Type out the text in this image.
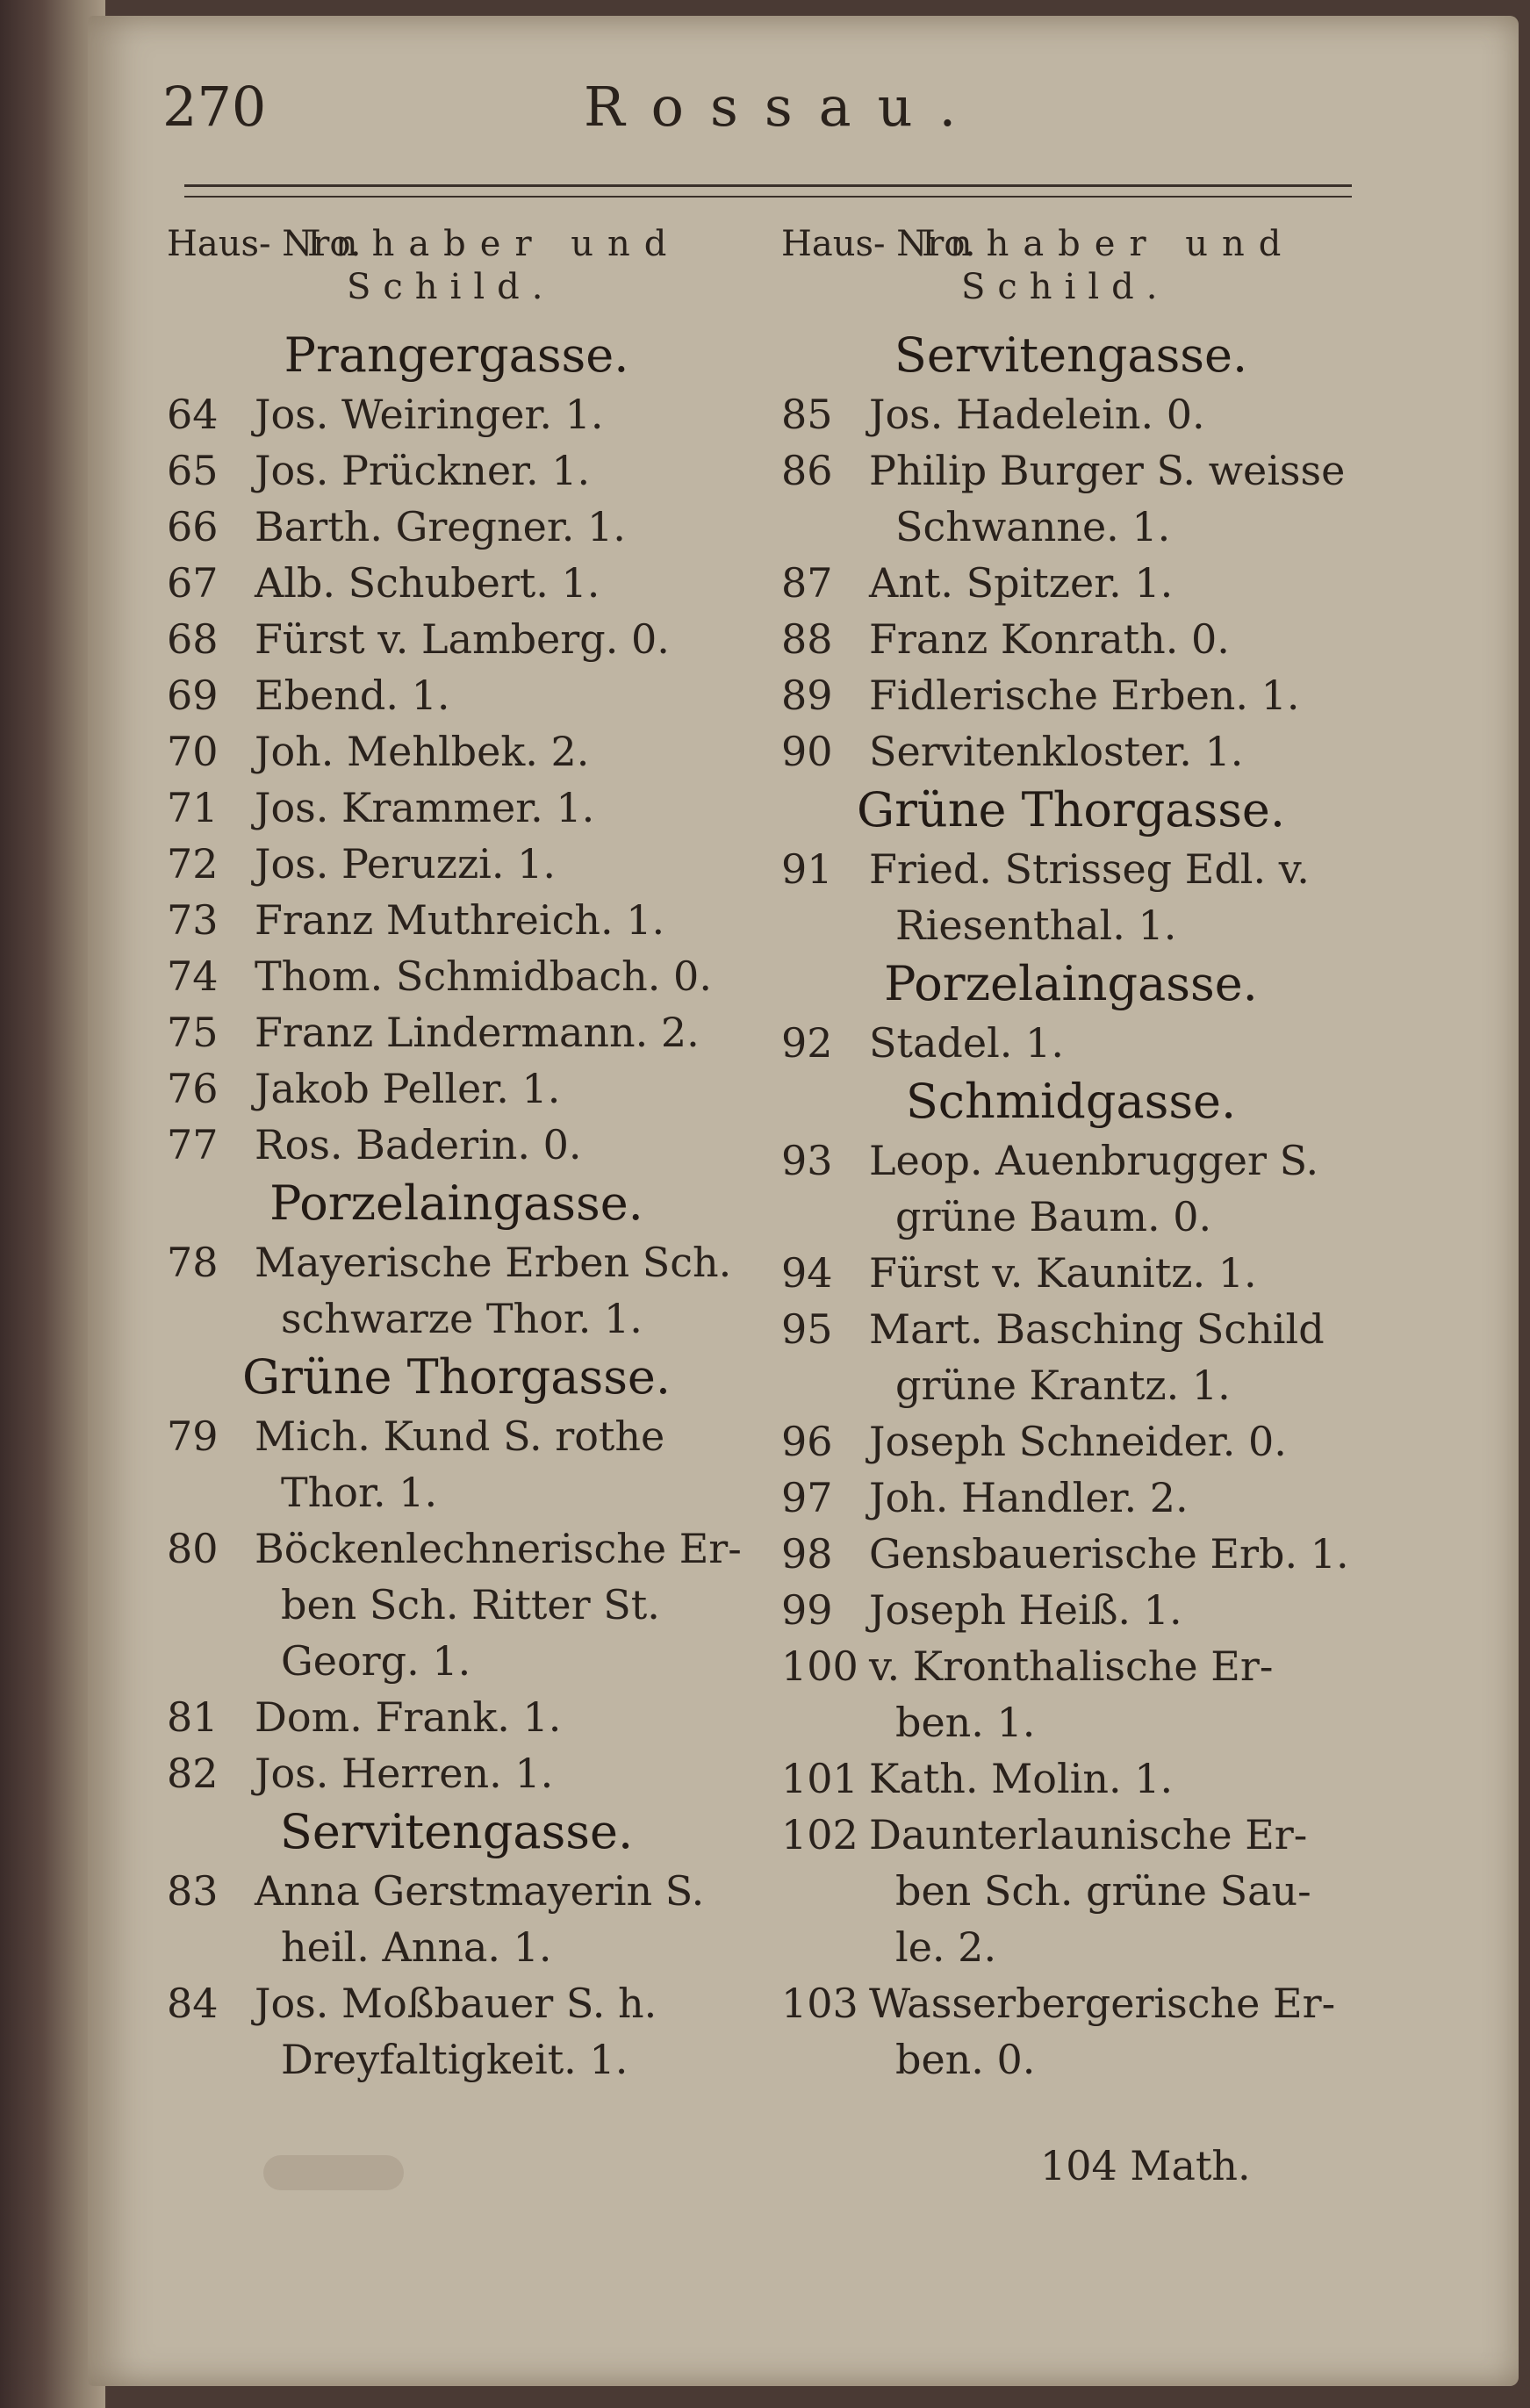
270	Rossau.
Haus- Nro.
Inhaber und
Schild.
Prangergasse.
64 Jos. Weiringer. 1.
65 Jos. Prückner. 1.
66 Barth. Gregner. 1.
67 Alb. Schubert. 1.
68 Fürst v. Lamberg. 0.
69 Ebend. 1.
70 Joh. Mehlbek. 2.
71 Jos. Krammer. 1.
72 Jos. Peruzzi. 1.
73 Franz Muthreich. 1.
74 Thom. Schmidbach. 0.
75 Franz Lindermann. 2.
76 Jakob Peller. 1.
77 Ros. Baderin. 0.
Porzelaingasse.
78 Mayerische Erben Sch.
schwarze Thor. 1.
Grüne Thorgasse.
79 Mich. Kund S. rothe
Thor. 1.
80 Böckenlechnerische Er-
ben Sch. Ritter St.
Georg. 1.
81 Dom. Frank. 1.
82 Jos. Herren. 1.
Servitengasse.
83 Anna Gerstmayerin S.
heil. Anna. 1.
84 Jos. Moßbauer S. h.
Dreyfaltigkeit. 1.
Haus- Nro.
Inhaber und
Schild.
Servitengasse.
85 Jos. Hadelein. 0.
86 Philip Burger S. weisse
Schwanne. 1.
87 Ant. Spitzer. 1.
88 Franz Konrath. 0.
89 Fidlerische Erben. 1.
90 Servitenkloster. 1.
Grüne Thorgasse.
91 Fried. Strisseg Edl. v.
Riesenthal. 1.
Porzelaingasse.
92 Stadel. 1.
Schmidgasse.
93 Leop. Auenbrugger S.
grüne Baum. 0.
94 Fürst v. Kaunitz. 1.
95 Mart. Basching Schild
grüne Krantz. 1.
96 Joseph Schneider. 0.
97 Joh. Handler. 2.
98 Gensbauerische Erb. 1.
99 Joseph Heiß. 1.
100 v. Kronthalische Er-
ben. 1.
101 Kath. Molin. 1.
102 Daunterlaunische Er-
ben Sch. grüne Sau-
le. 2.
103 Wasserbergerische Er-
ben. 0.
104 Math.
